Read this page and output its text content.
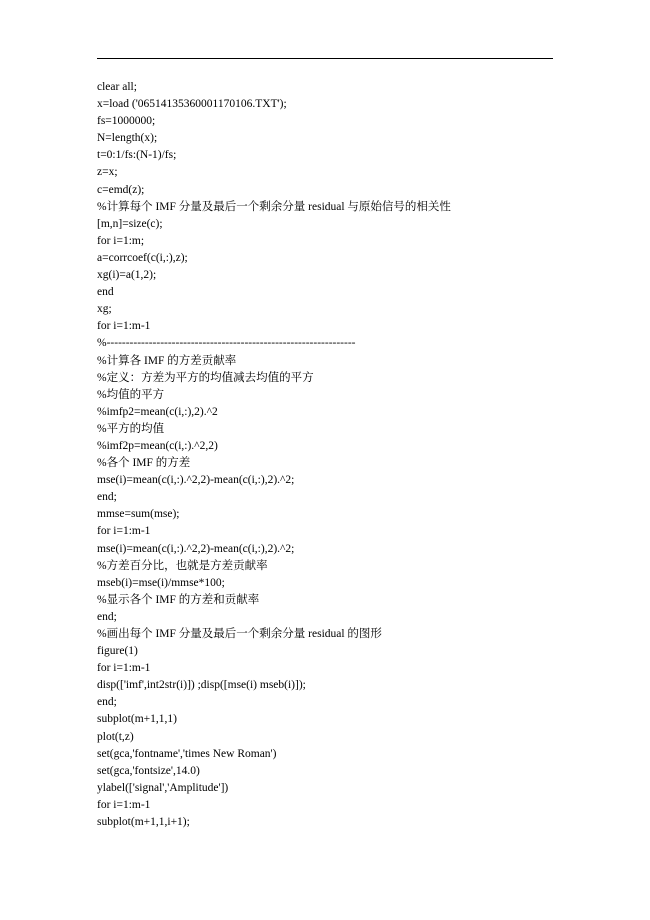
clear all;
x=load ('06514135360001170106.TXT');
fs=1000000;
N=length(x);
t=0:1/fs:(N-1)/fs;
z=x;
c=emd(z);
%计算每个 IMF 分量及最后一个剩余分量 residual 与原始信号的相关性
[m,n]=size(c);
for i=1:m;
a=corrcoef(c(i,:),z);
xg(i)=a(1,2);
end
xg;
for i=1:m-1
%-----------------------------------------------------------------
%计算各 IMF 的方差贡献率
%定义：方差为平方的均值减去均值的平方
%均值的平方
%imfp2=mean(c(i,:),2).^2
%平方的均值
%imf2p=mean(c(i,:).^2,2)
%各个 IMF 的方差
mse(i)=mean(c(i,:).^2,2)-mean(c(i,:),2).^2;
end;
mmse=sum(mse);
for i=1:m-1
mse(i)=mean(c(i,:).^2,2)-mean(c(i,:),2).^2;
%方差百分比，也就是方差贡献率
mseb(i)=mse(i)/mmse*100;
%显示各个 IMF 的方差和贡献率
end;
%画出每个 IMF 分量及最后一个剩余分量 residual 的图形
figure(1)
for i=1:m-1
disp(['imf',int2str(i)]) ;disp([mse(i) mseb(i)]);
end;
subplot(m+1,1,1)
plot(t,z)
set(gca,'fontname','times New Roman')
set(gca,'fontsize',14.0)
ylabel(['signal','Amplitude'])
for i=1:m-1
subplot(m+1,1,i+1);
